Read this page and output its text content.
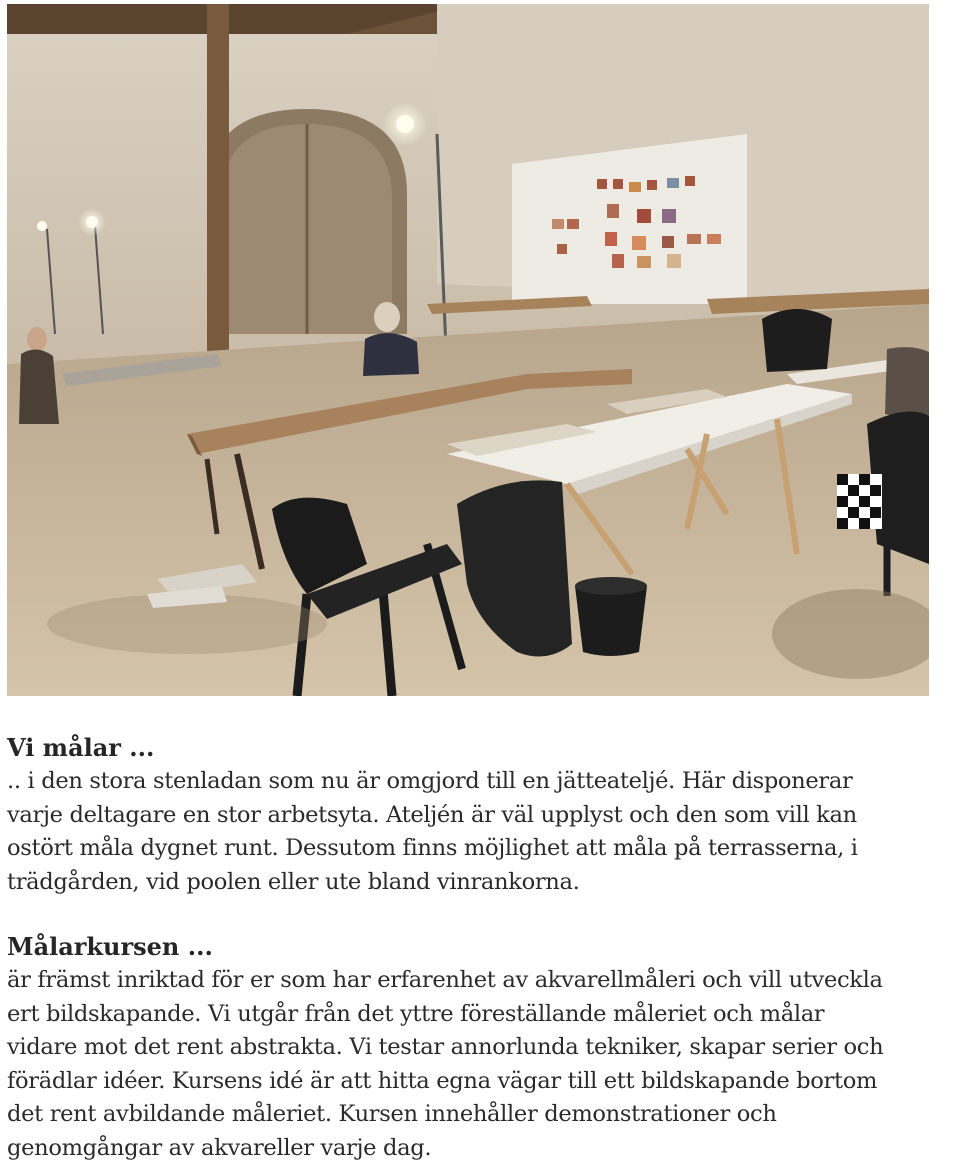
Vi målar ...

.. i den stora stenladan som nu är omgjord till en jätteateljé. Här disponerar

varje deltagare en stor arbetsyta. Ateljén är väl upplyst och den som vill kan

ostört måla dygnet runt. Dessutom finns möjlighet att måla på terrasserna, i

trädgården, vid poolen eller ute bland vinrankorna.

Målarkursen ...

är främst inriktad för er som har erfarenhet av akvarellmåleri och vill utveckla

ert bildskapande. Vi utgår från det yttre föreställande måleriet och målar

vidare mot det rent abstrakta. Vi testar annorlunda tekniker, skapar serier och

förädlar idéer. Kursens idé är att hitta egna vägar till ett bildskapande bortom

det rent avbildande måleriet. Kursen innehåller demonstrationer och

genomgångar av akvareller varje dag.
